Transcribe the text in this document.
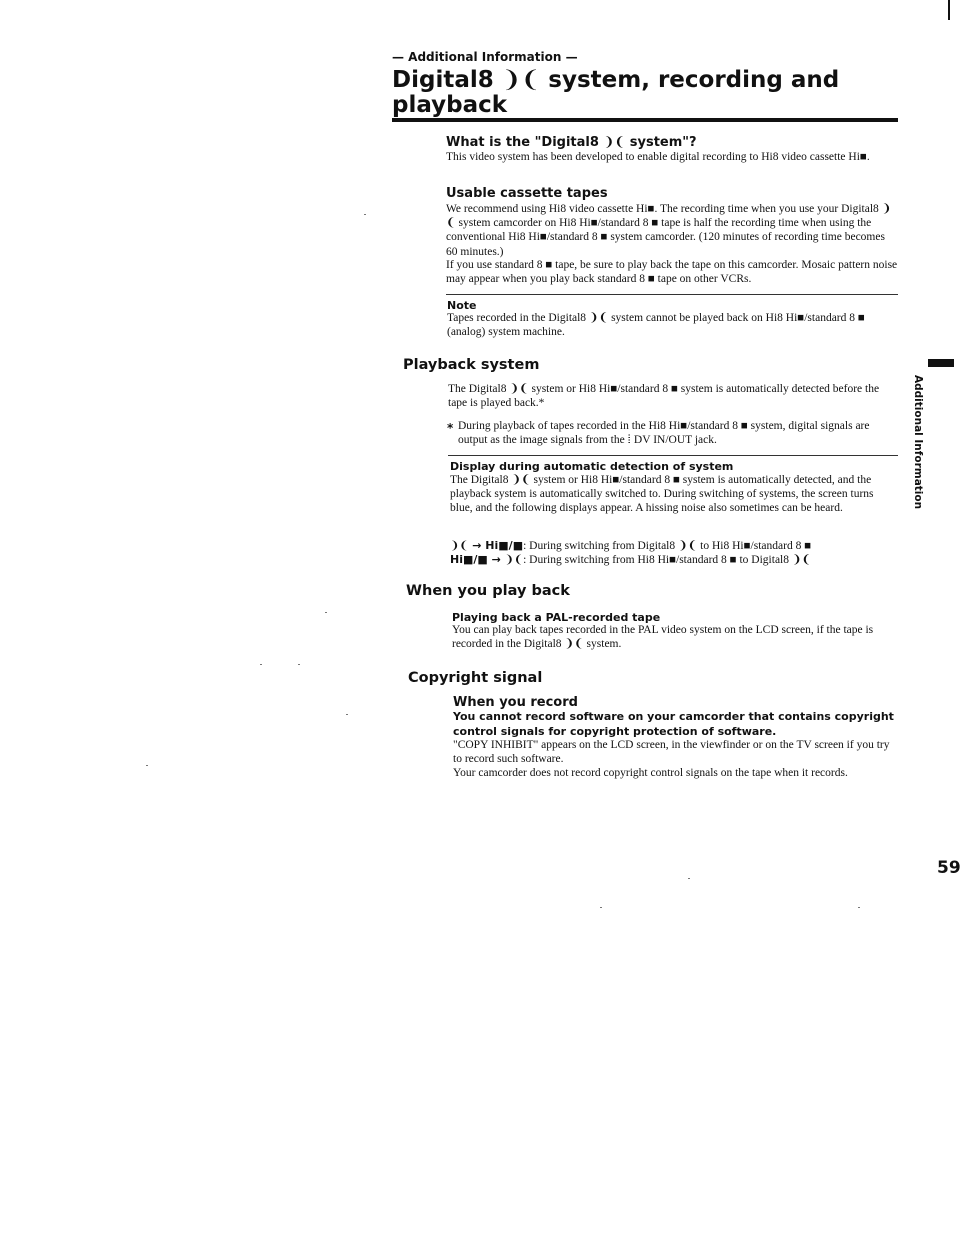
— Additional Information —
Digital8 ❩❨ system, recording and playback
What is the "Digital8 ❩❨ system"?

This video system has been developed to enable digital recording to Hi8 video cassette Hi■.

Usable cassette tapes

We recommend using Hi8 video cassette Hi■. The recording time when you use your Digital8 ❩❨ system camcorder on Hi8 Hi■/standard 8 ■ tape is half the recording time when using the conventional Hi8 Hi■/standard 8 ■ system camcorder. (120 minutes of recording time becomes 60 minutes.)

If you use standard 8 ■ tape, be sure to play back the tape on this camcorder. Mosaic pattern noise may appear when you play back standard 8 ■ tape on other VCRs.

Note

Tapes recorded in the Digital8 ❩❨ system cannot be played back on Hi8 Hi■/standard 8 ■ (analog) system machine.

Playback system

The Digital8 ❩❨ system or Hi8 Hi■/standard 8 ■ system is automatically detected before the tape is played back.*

* During playback of tapes recorded in the Hi8 Hi■/standard 8 ■ system, digital signals are output as the image signals from the ⵂ DV IN/OUT jack.

Display during automatic detection of system

The Digital8 ❩❨ system or Hi8 Hi■/standard 8 ■ system is automatically detected, and the playback system is automatically switched to. During switching of systems, the screen turns blue, and the following displays appear. A hissing noise also sometimes can be heard.

❩❨ → Hi■/■: During switching from Digital8 ❩❨ to Hi8 Hi■/standard 8 ■
Hi■/■ → ❩❨: During switching from Hi8 Hi■/standard 8 ■ to Digital8 ❩❨
When you play back
Playing back a PAL-recorded tape

You can play back tapes recorded in the PAL video system on the LCD screen, if the tape is recorded in the Digital8 ❩❨ system.

Copyright signal
When you record

You cannot record software on your camcorder that contains copyright control signals for copyright protection of software.

"COPY INHIBIT" appears on the LCD screen, in the viewfinder or on the TV screen if you try to record such software.

Your camcorder does not record copyright control signals on the tape when it records.

Additional Information
59
